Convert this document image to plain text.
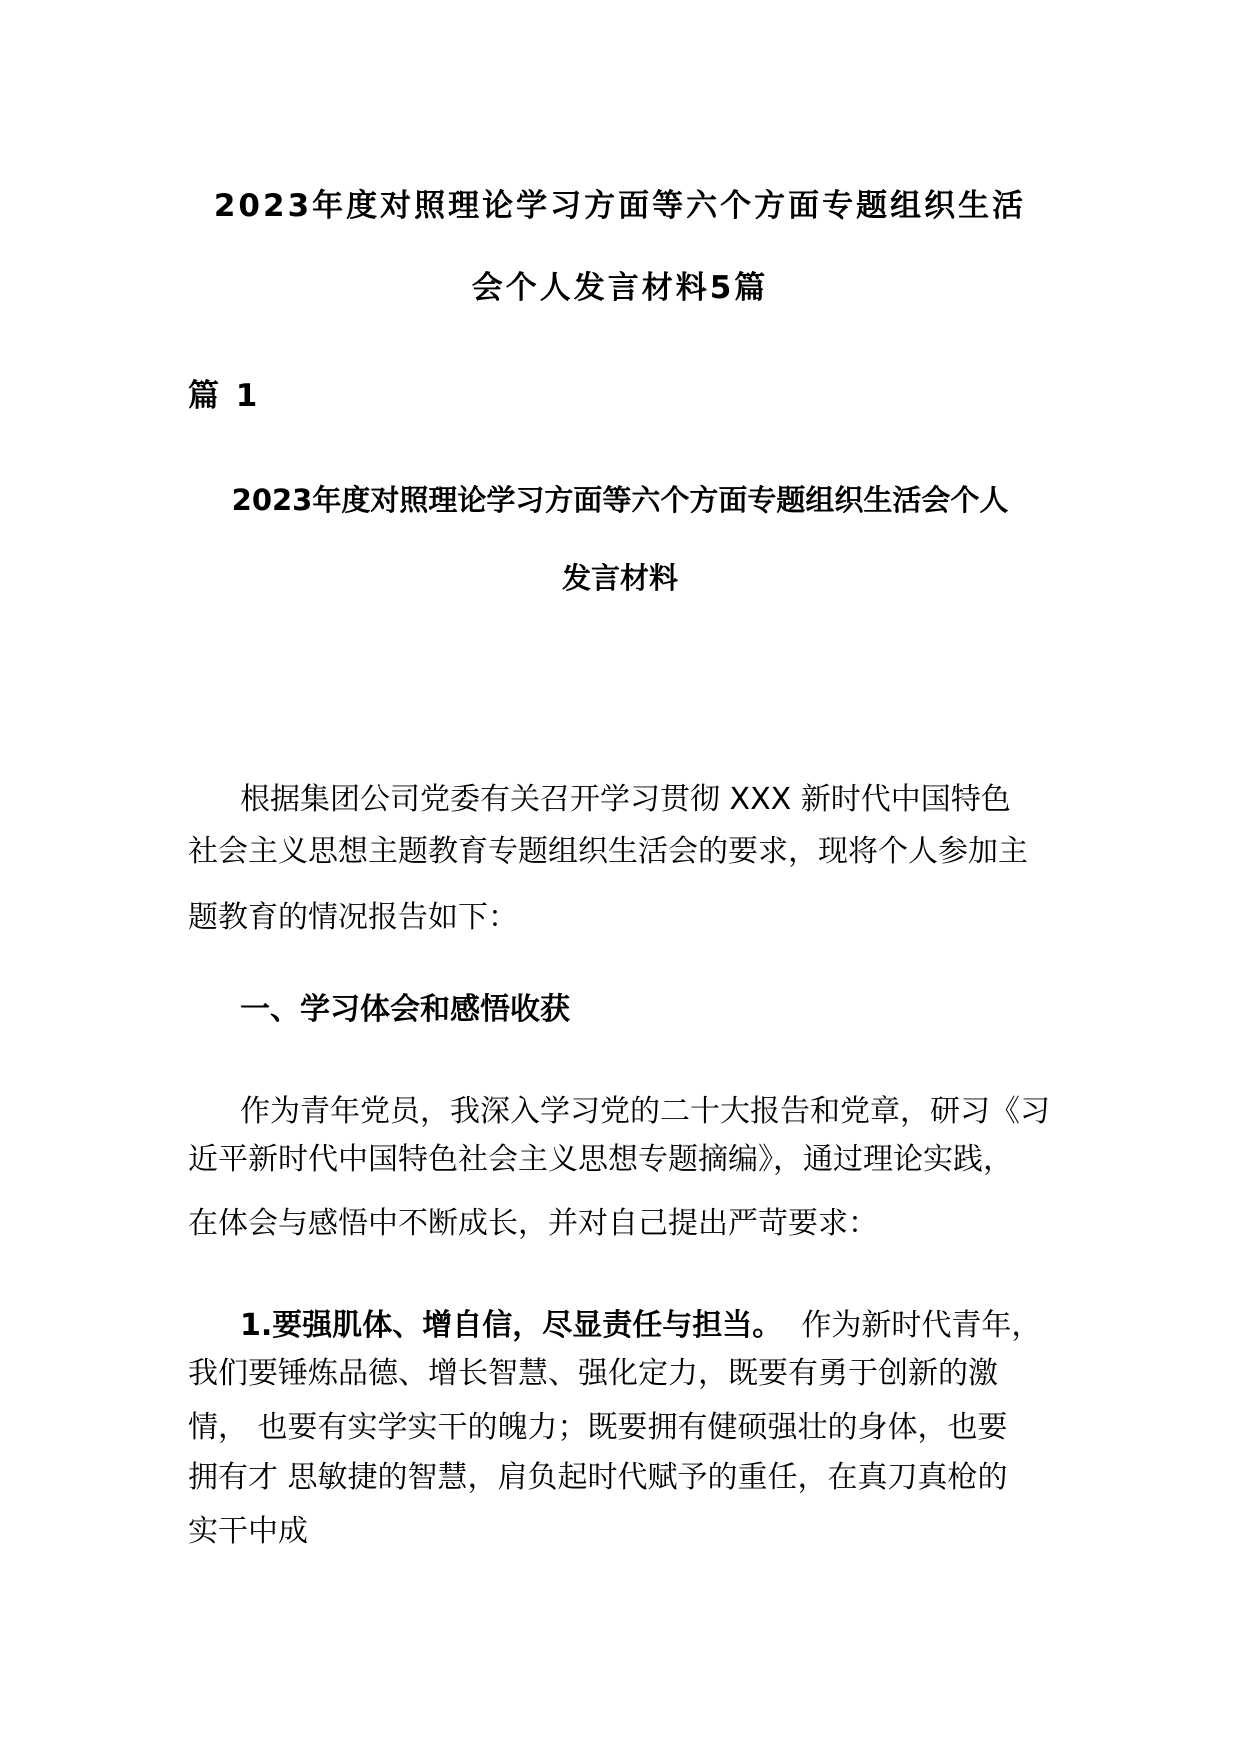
2023年度对照理论学习方面等六个方面专题组织生活

会个人发言材料5篇

篇 1

2023年度对照理论学习方面等六个方面专题组织生活会个人

发言材料

根据集团公司党委有关召开学习贯彻 XXX 新时代中国特色

社会主义思想主题教育专题组织生活会的要求，现将个人参加主

题教育的情况报告如下：

一、学习体会和感悟收获

作为青年党员，我深入学习党的二十大报告和党章，研习《习

近平新时代中国特色社会主义思想专题摘编》，通过理论实践，

在体会与感悟中不断成长，并对自己提出严苛要求：

1.要强肌体、增自信，尽显责任与担当。  作为新时代青年，

我们要锤炼品德、增长智慧、强化定力，既要有勇于创新的激

情， 也要有实学实干的魄力；既要拥有健硕强壮的身体，也要

拥有才 思敏捷的智慧，肩负起时代赋予的重任，在真刀真枪的

实干中成
